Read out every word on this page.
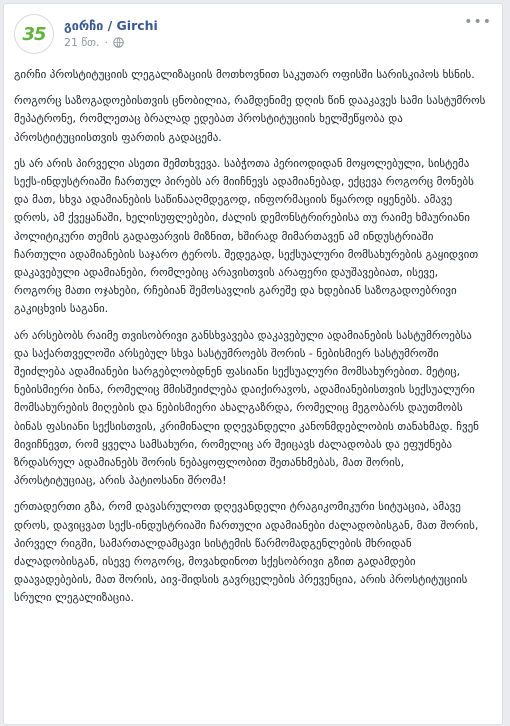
35 გირჩი / Girchi
21 წთ. ·
•••

გირჩი პროსტიტუციის ლეგალიზაციის მოთხოვნით საკუთარ ოფისში სარისკიპოს ხსნის.

როგორც საზოგადოებისთვის ცნობილია, რამდენიმე დღის წინ დააკავეს სამი სასტუმროს მეპატრონე, რომლეთაც ბრალად ედებათ პროსტიტუციის ხელშეწყობა და პროსტიტუციისთვის ფართის გადაცემა.

ეს არ არის პირველი ასეთი შემთხვევა. საბჭოთა პერიოდიდან მოყოლებული, სისტემა სექს-ინდუსტრიაში ჩართულ პირებს არ მიიჩნევს ადამიანებად, ექცევა როგორც მონებს და მათ, სხვა ადამიანების საწინააღმდეგოდ, ინფორმაციის წყაროდ იყენებს. ამავე დროს, ამ ქვეყანაში, ხელისუფლებები, ძალის დემონსტრირებისა თუ რაიმე ხმაურიანი პოლიტიკური თემის გადაფარვის მიზნით, ხშირად მიმართავენ ამ ინდუსტრიაში ჩართული ადამიანების საჯარო ტეროს. შედეგად, სექსუალური მომსახურების გაყიდვით დაკავებული ადამიანები, რომლებიც არავისთვის არაფერი დაუშავებიათ, ისევე, როგორც მათი ოჯახები, რჩებიან შემოსავლის გარეშე და ხდებიან საზოგადოებრივი გაკიცხვის საგანი.

არ არსებობს რაიმე თვისობრივი განსხვავება დაკავებული ადამიანების სასტუმროებსა და საქართველოში არსებულ სხვა სასტუმროებს შორის - ნებისმიერ სასტუმროში შეიძლება ადამიანები სარგებლობდნენ ფასიანი სექსუალური მომსახურებით. მეტიც, ნებისმიერი ბინა, რომელიც მმისშეიძლება დაიქირავოს, ადამიანებისთვის სექსუალური მომსახურების მიღების და ნებისმიერი ახალგაზრდა, რომელიც მეგობარს დაუთმობს ბინას ფასიანი სექსისთვის, კრიმინალი დღევანდელი კანონმდებლობის თანახმად. ჩვენ მივიჩნევთ, რომ ყველა სამსახური, რომელიც არ შეიცავს ძალადობას და ეფუძნება ზრდასრულ ადამიანებს შორის ნებაყოფლობით შეთანხმებას, მათ შორის, პროსტიტუციაც, არის პატიოსანი შრომა!

ერთადერთი გზა, რომ დავასრულოთ დღევანდელი ტრაგიკომიკური სიტუაცია, ამავე დროს, დავიცვათ სექს-ინდუსტრიაში ჩართული ადამიანები ძალადობისგან, მათ შორის, პირველ რიგში, სამართალდამცავი სისტემის წარმომადგენლების მხრიდან ძალადობისგან, ისევე როგორც, მოვახდინოთ სქესობრივი გზით გადამდები დაავადებების, მათ შორის, აივ-შიდსის გავრცელების პრევენცია, არის პროსტიტუციის სრული ლეგალიზაცია.
